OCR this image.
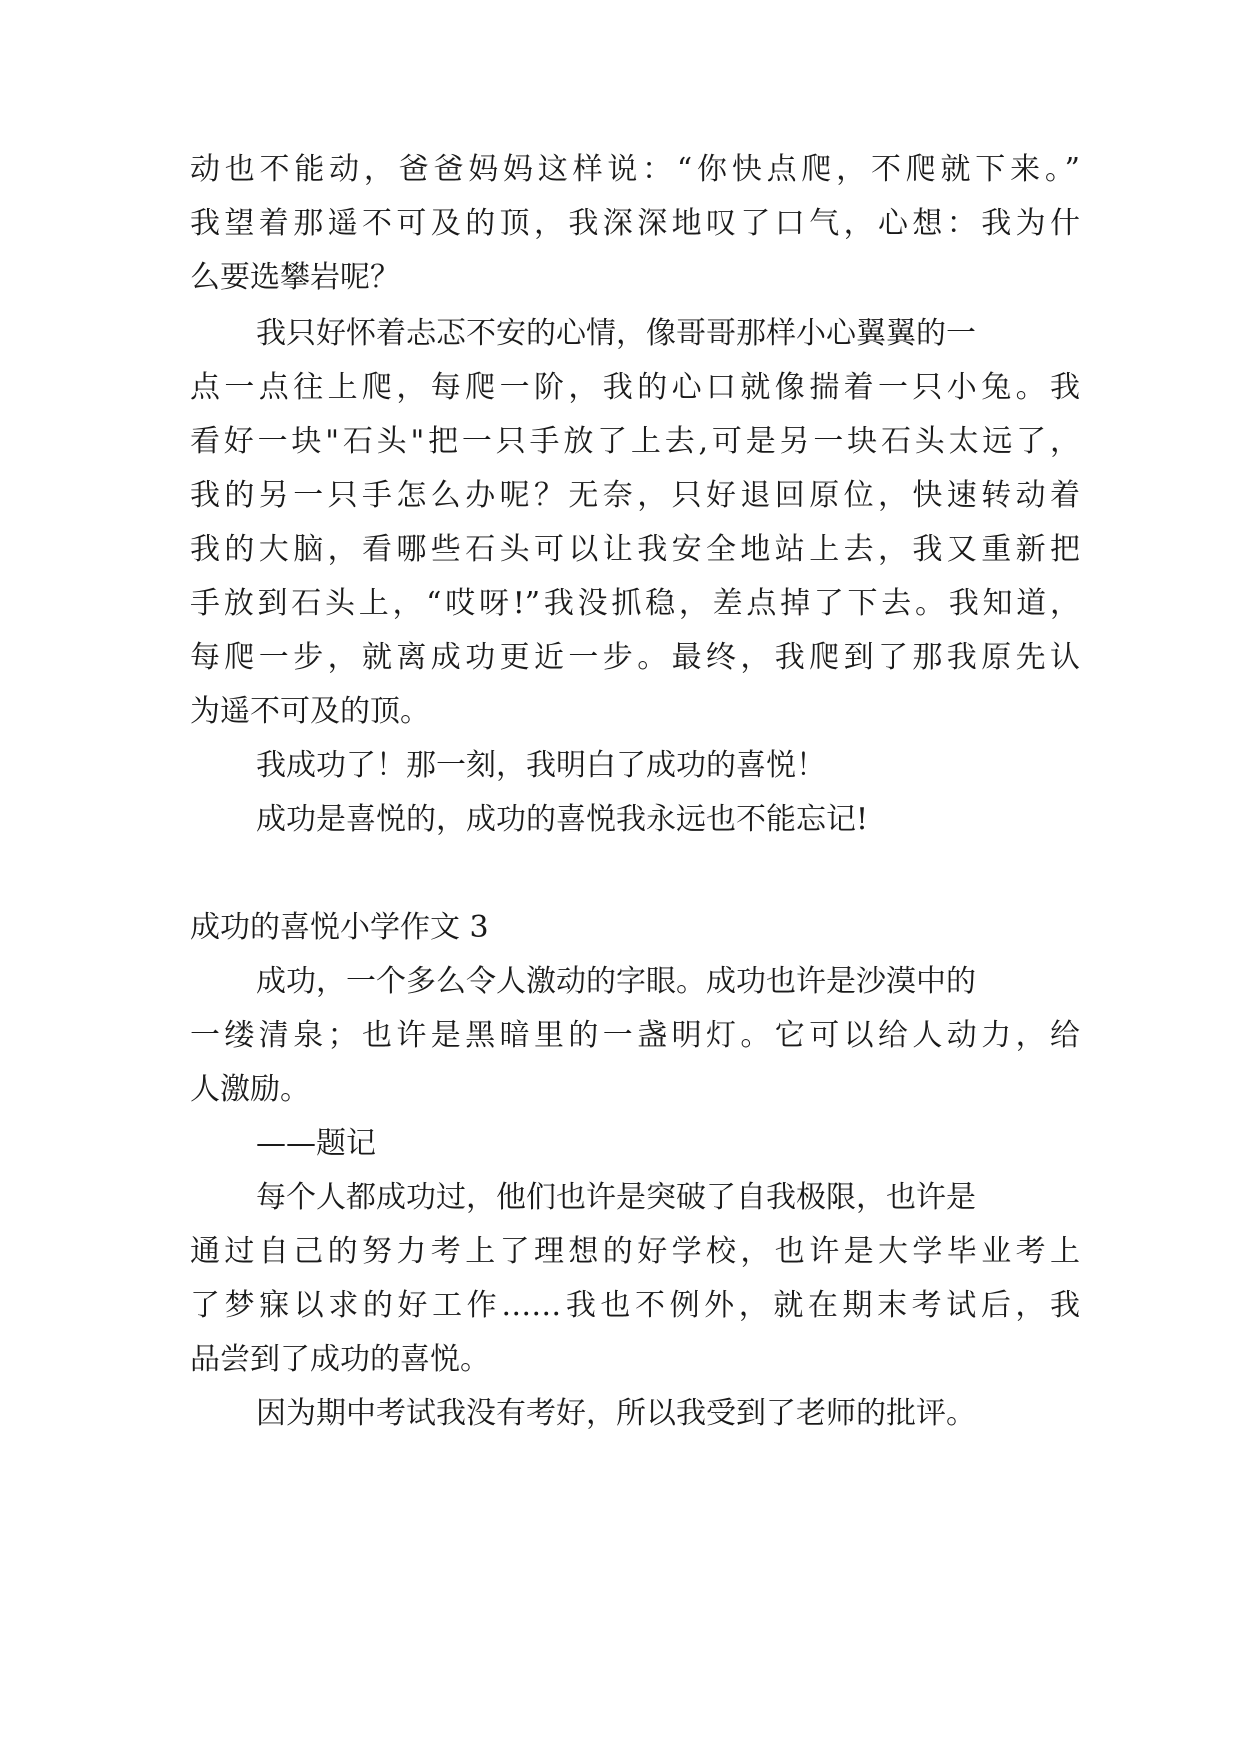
动也不能动，爸爸妈妈这样说：“你快点爬，不爬就下来。”
我望着那遥不可及的顶，我深深地叹了口气，心想：我为什
么要选攀岩呢？
我只好怀着忐忑不安的心情，像哥哥那样小心翼翼的一
点一点往上爬，每爬一阶，我的心口就像揣着一只小兔。我
看好一块"石头"把一只手放了上去,可是另一块石头太远了，
我的另一只手怎么办呢？无奈，只好退回原位，快速转动着
我的大脑，看哪些石头可以让我安全地站上去，我又重新把
手放到石头上，“哎呀!”我没抓稳，差点掉了下去。我知道，
每爬一步，就离成功更近一步。最终，我爬到了那我原先认
为遥不可及的顶。
我成功了！那一刻，我明白了成功的喜悦！
成功是喜悦的，成功的喜悦我永远也不能忘记!
成功的喜悦小学作文 3
成功，一个多么令人激动的字眼。成功也许是沙漠中的
一缕清泉；也许是黑暗里的一盏明灯。它可以给人动力，给
人激励。
——题记
每个人都成功过，他们也许是突破了自我极限，也许是
通过自己的努力考上了理想的好学校，也许是大学毕业考上
了梦寐以求的好工作……我也不例外，就在期末考试后，我
品尝到了成功的喜悦。
因为期中考试我没有考好，所以我受到了老师的批评。
